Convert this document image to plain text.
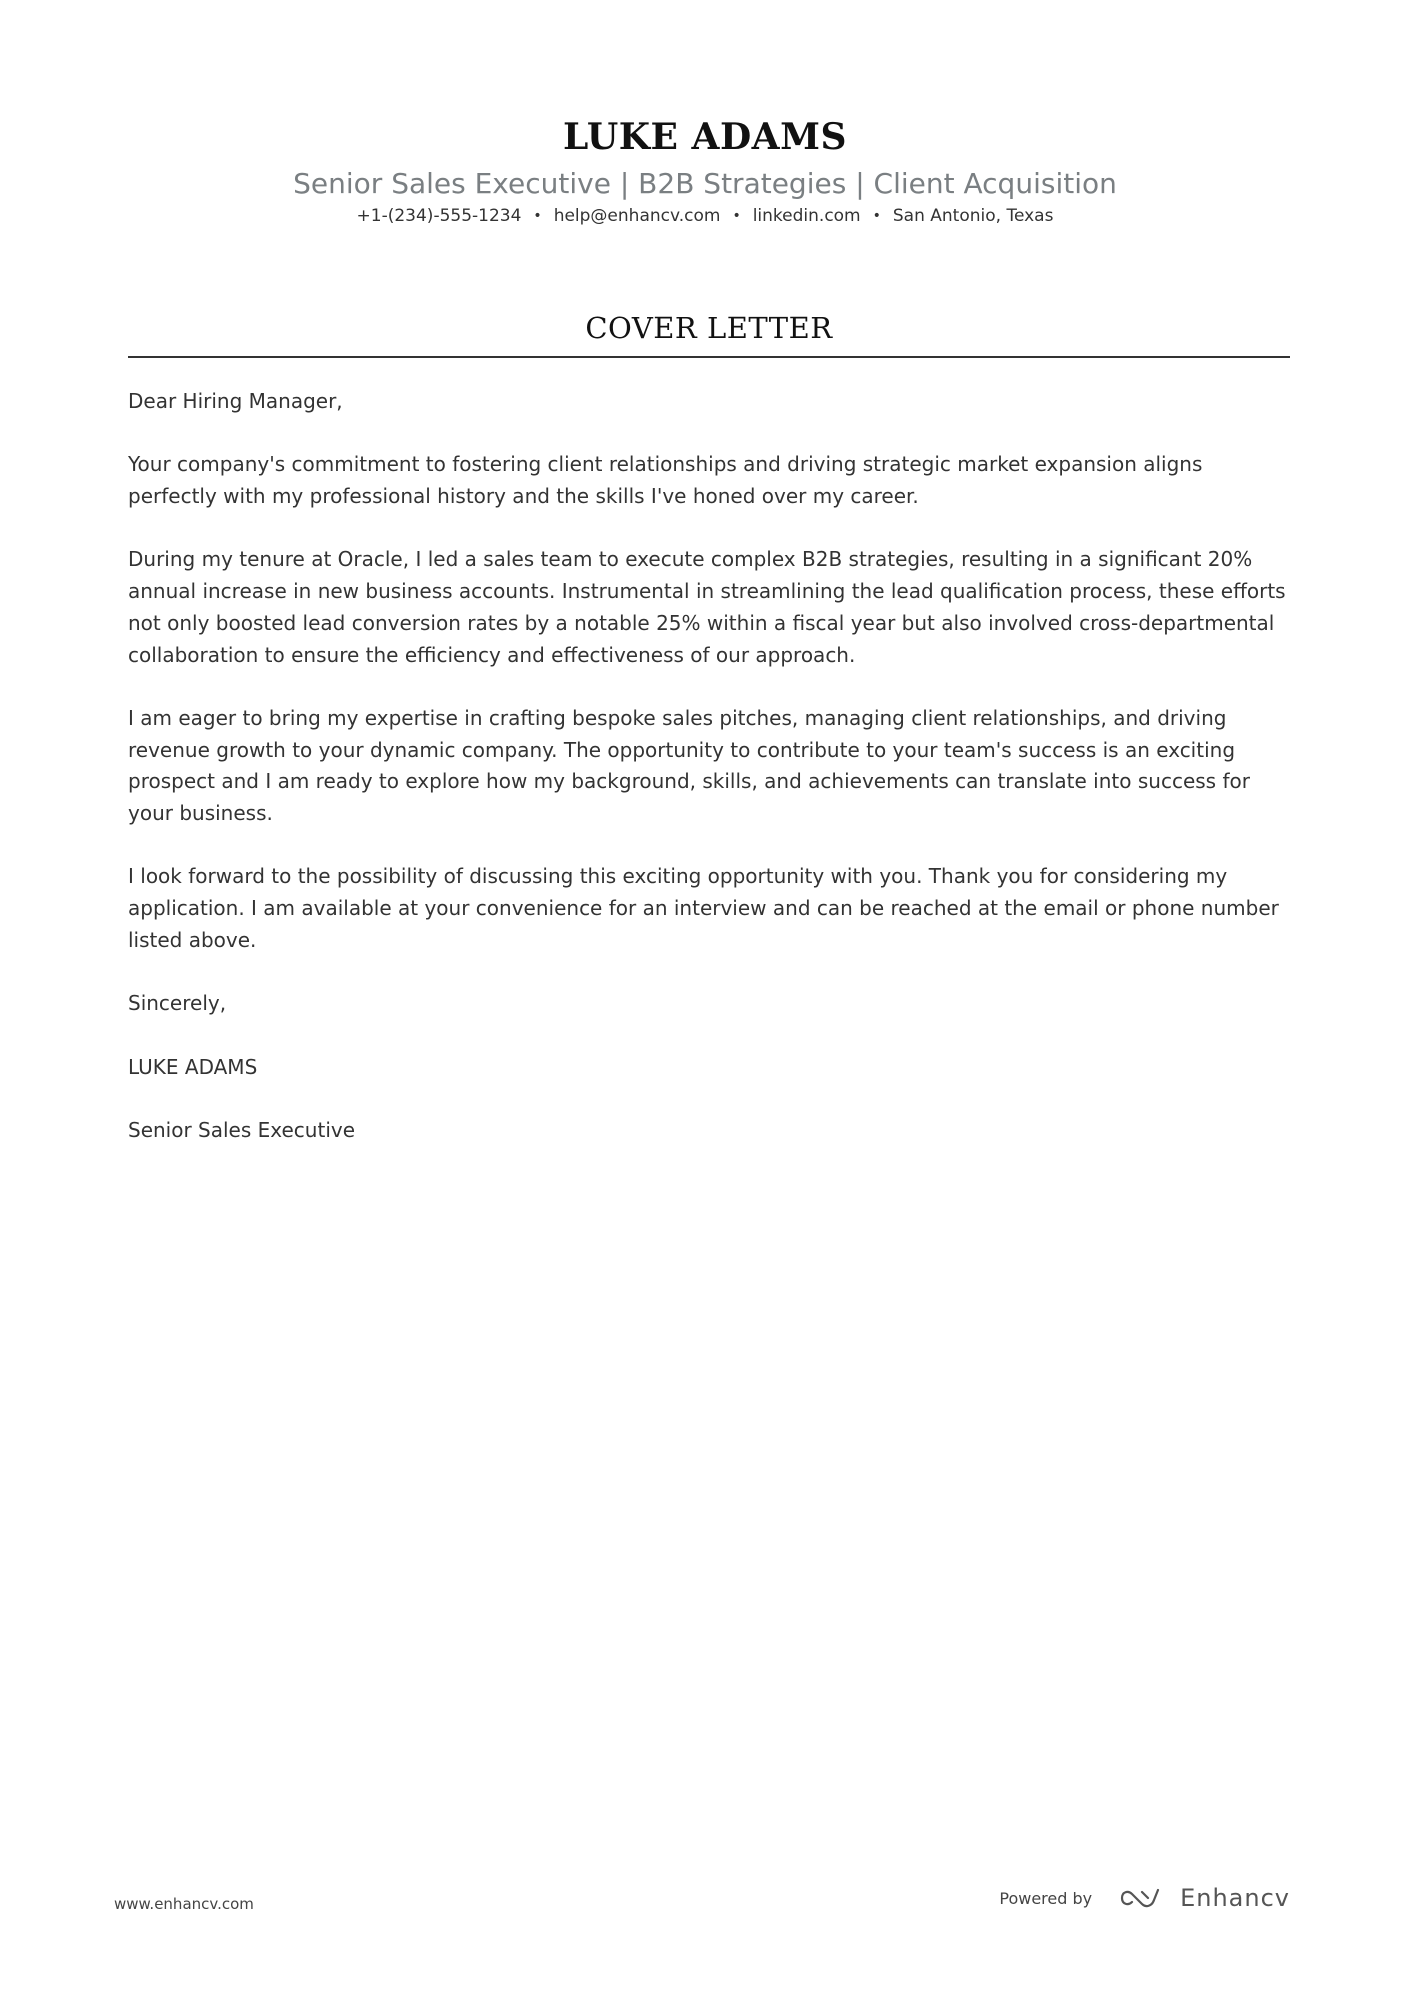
LUKE ADAMS
Senior Sales Executive | B2B Strategies | Client Acquisition
+1-(234)-555-1234 • help@enhancv.com • linkedin.com • San Antonio, Texas
COVER LETTER

Dear Hiring Manager,

Your company's commitment to fostering client relationships and driving strategic market expansion aligns perfectly with my professional history and the skills I've honed over my career.

During my tenure at Oracle, I led a sales team to execute complex B2B strategies, resulting in a significant 20% annual increase in new business accounts. Instrumental in streamlining the lead qualification process, these efforts not only boosted lead conversion rates by a notable 25% within a fiscal year but also involved cross-departmental collaboration to ensure the efficiency and effectiveness of our approach.

I am eager to bring my expertise in crafting bespoke sales pitches, managing client relationships, and driving revenue growth to your dynamic company. The opportunity to contribute to your team's success is an exciting prospect and I am ready to explore how my background, skills, and achievements can translate into success for your business.

I look forward to the possibility of discussing this exciting opportunity with you. Thank you for considering my application. I am available at your convenience for an interview and can be reached at the email or phone number listed above.

Sincerely,

LUKE ADAMS

Senior Sales Executive

www.enhancv.com	Powered by	Enhancv
